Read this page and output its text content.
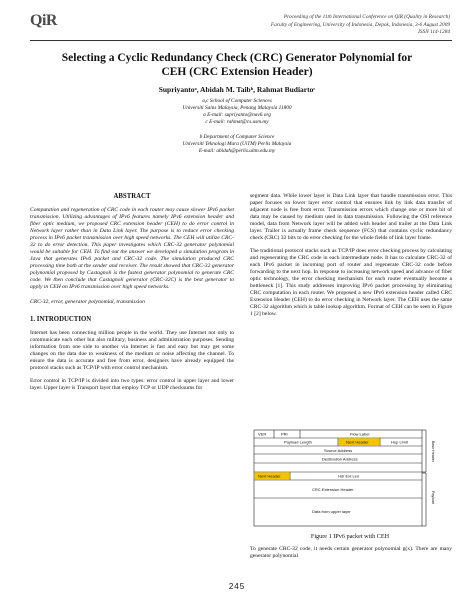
QiR	Proceeding of the 11th International Conference on QiR (Quality in Research)
Faculty of Engineering, University of Indonesia, Depok, Indonesia, 3-6 August 2009
ISSN 114-1284
Selecting a Cyclic Redundancy Check (CRC) Generator Polynomial for
CEH (CRC Extension Header)
Supriyantoᵃ, Abidah M. Taibᵇ, Rahmat Budiartoᶜ
a,c School of Computer Sciences
Universiti Sains Malaysia, Penang Malaysia 11800
a E-mail: supriyanto@nav6.org
c E-mail: rahmat@cs.usm.my
b Department of Computer Science
Universiti Teknologi Mara (UiTM) Perlis Malaysia
E-mail: abidah@perlis.uitm.edu.my
ABSTRACT

Computation and regeneration of CRC code in each router may cause slower IPv6 packet transmission. Utilizing advantages of IPv6 features namely IPv6 extension header and fiber optic medium, we proposed CRC extension header (CEH) to do error control in Network layer rather than in Data Link layer. The purpose is to reduce error checking process in IPv6 packet transmission over high speed networks. The CEH will utilize CRC-32 to do error detection. This paper investigates which CRC-32 generator polynomial would be suitable for CEH. To find out the answer we developed a simulation program in Java that generates IPv6 packet and CRC-32 code. The simulation produced CRC processing time both at the sender and receiver. The result showed that CRC-32 generator polynomial proposed by Castagnoli is the fastest generator polynomial to generate CRC code. We then conclude that Castagnoli generator (CRC-32C) is the best generator to apply in CEH on IPv6 transmission over high speed networks.

CRC-32, error, generator polynomial, transmission

1. INTRODUCTION

Internet has been connecting million people in the world. They use Internet not only to communicate each other but also military, business and administration purposes. Sending information from one side to another via Internet is fast and easy but may get some changes on the data due to weakness of the medium or noise affecting the channel. To ensure the data is accurate and free from error, designers have already equipped the protocol stacks such as TCP/IP with error control mechanism.

Error control in TCP/IP is divided into two types: error control in upper layer and lower layer. Upper layer is Transport layer that employ TCP or UDP checksums for

segment data. While lower layer is Data Link layer that handle transmission error. This paper focuses on lower layer error control that ensures link by link data transfer of adjacent node is free from error. Transmission errors which change one or more bit of data may be caused by medium used in data transmission. Following the OSI reference model, data from Network layer will be added with header and trailer at the Data Link layer. Trailer is actually frame check sequence (FCS) that contains cyclic redundancy check (CRC) 32 bits to do error checking for the whole fields of link layer frame.

The traditional protocol stacks such as TCP/IP does error checking process by calculating and regenerating the CRC code in each intermediate node. It has to calculate CRC-32 of each IPv6 packet in incoming port of router and regenerate CRC-32 code before forwarding to the next hop. In response to increasing network speed and advance of fiber optic technology, the error checking mechanism for each router eventually become a bottleneck [1]. This study addresses improving IPv6 packet processing by eliminating CRC computation in each router. We proposed a new IPv6 extension header called CRC Extension Header (CEH) to do error checking in Network layer. The CEH uses the same CRC-32 algorithm which is table lookup algorithm. Format of CEH can be seen in Figure 1 [2] below.

VER	PRI	Flow Label
Payload Length	Next Header	Hop Limit
Source Address
Destination Address
Next Header	Hdr Ext Len
CRC Extension Header
Data from upper layer
Base Header
Payload
Figure 1 IPv6 packet with CEH

To generate CRC-32 code, it needs certain generator polynomial g(x). There are many generator polynomial

245
